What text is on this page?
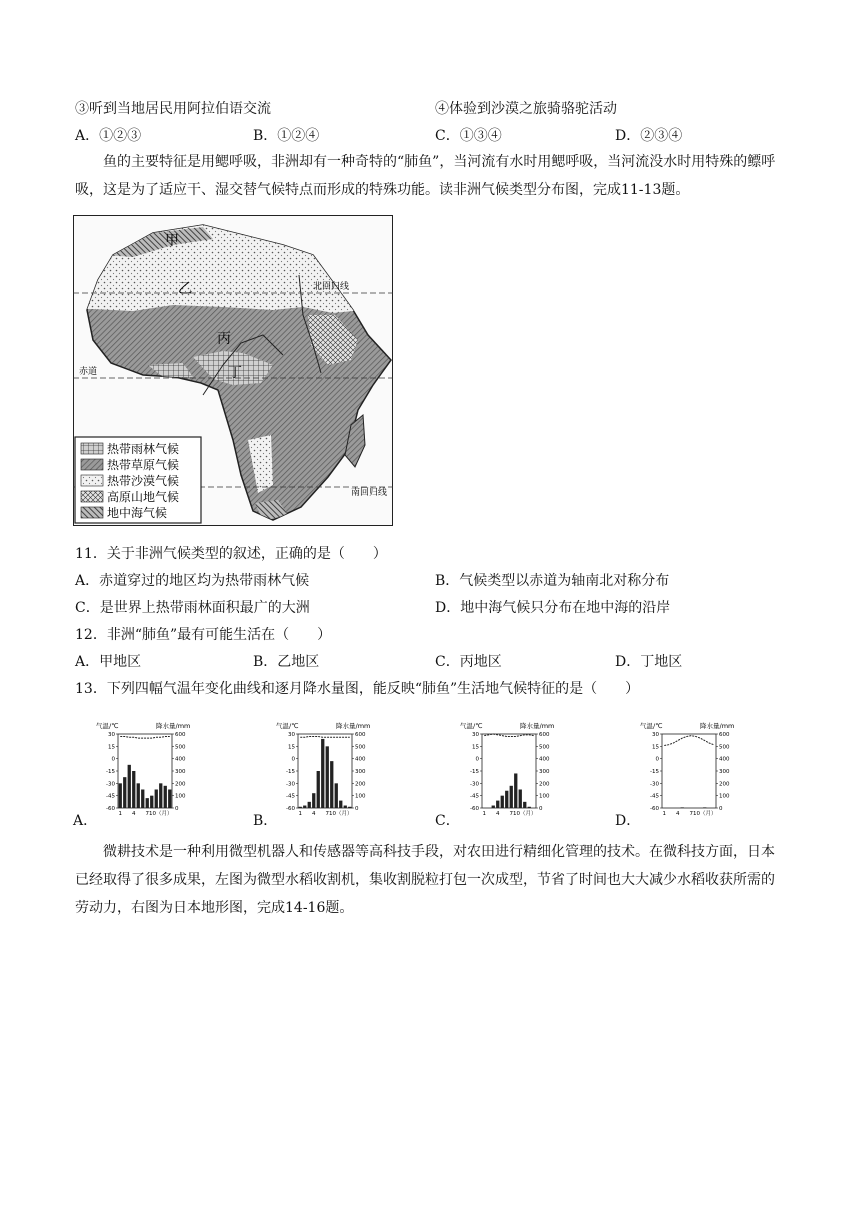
③听到当地居民用阿拉伯语交流	④体验到沙漠之旅骑骆驼活动
A．①②③	B．①②④	C．①③④	D．②③④
鱼的主要特征是用鳃呼吸，非洲却有一种奇特的“肺鱼”，当河流有水时用鳃呼吸，当河流没水时用特殊的鳔呼吸，这是为了适应干、湿交替气候特点而形成的特殊功能。读非洲气候类型分布图，完成11-13题。
北回归线
赤道
南回归线
甲
乙
丙
丁
热带雨林气候
热带草原气候
热带沙漠气候
高原山地气候
地中海气候
11．关于非洲气候类型的叙述，正确的是（　　）
A．赤道穿过的地区均为热带雨林气候	B．气候类型以赤道为轴南北对称分布
C．是世界上热带雨林面积最广的大洲	D．地中海气候只分布在地中海的沿岸
12．非洲“肺鱼”最有可能生活在（　　）
A．甲地区	B．乙地区	C．丙地区	D．丁地区
13．下列四幅气温年变化曲线和逐月降水量图，能反映“肺鱼”生活地气候特征的是（　　）
气温/℃	降水量/mm
-60
-45
-30
-15
0
15
30
0
100
200
300
400
500
600
1 4 7 10（月）
气温/℃	降水量/mm
-60
-45
-30
-15
0
15
30
0
100
200
300
400
500
600
1 4 7 10（月）
气温/℃	降水量/mm
-60
-45
-30
-15
0
15
30
0
100
200
300
400
500
600
1 4 7 10（月）
气温/℃	降水量/mm
-60
-45
-30
-15
0
15
30
0
100
200
300
400
500
600
1 4 7 10（月）
A．	B．	C．	D．
微耕技术是一种利用微型机器人和传感器等高科技手段，对农田进行精细化管理的技术。在微科技方面，日本已经取得了很多成果，左图为微型水稻收割机，集收割脱粒打包一次成型，节省了时间也大大减少水稻收获所需的劳动力，右图为日本地形图，完成14-16题。
